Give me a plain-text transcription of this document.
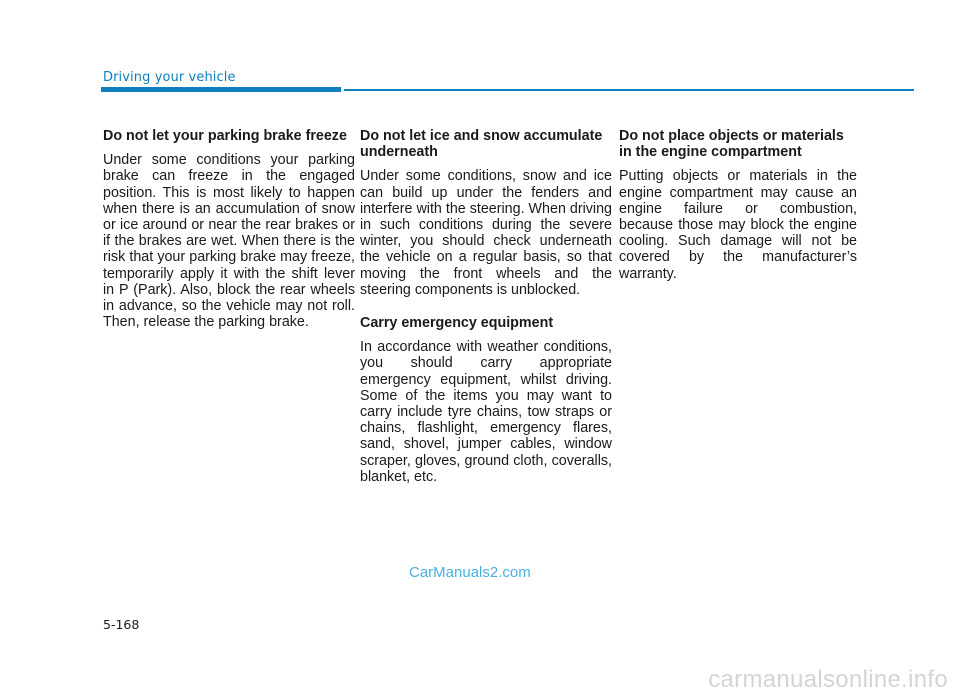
Driving your vehicle
Do not let your parking brake freeze
Under some conditions your parking brake can freeze in the engaged position. This is most likely to happen when there is an accumulation of snow or ice around or near the rear brakes or if the brakes are wet. When there is the risk that your parking brake may freeze, temporarily apply it with the shift lever in P (Park). Also, block the rear wheels in advance, so the vehicle may not roll. Then, release the parking brake.
Do not let ice and snow accumulate underneath
Under some conditions, snow and ice can build up under the fenders and interfere with the steering. When driving in such conditions during the severe winter, you should check underneath the vehicle on a regular basis, so that moving the front wheels and the steering components is unblocked.
Carry emergency equipment
In accordance with weather conditions, you should carry appropriate emergency equipment, whilst driving. Some of the items you may want to carry include tyre chains, tow straps or chains, flashlight, emergency flares, sand, shovel, jumper cables, window scraper, gloves, ground cloth, coveralls, blanket, etc.
Do not place objects or materials in the engine compartment
Putting objects or materials in the engine compartment may cause an engine failure or combustion, because those may block the engine cooling. Such damage will not be covered by the manufacturer’s warranty.
CarManuals2.com
5-168
carmanualsonline.info
